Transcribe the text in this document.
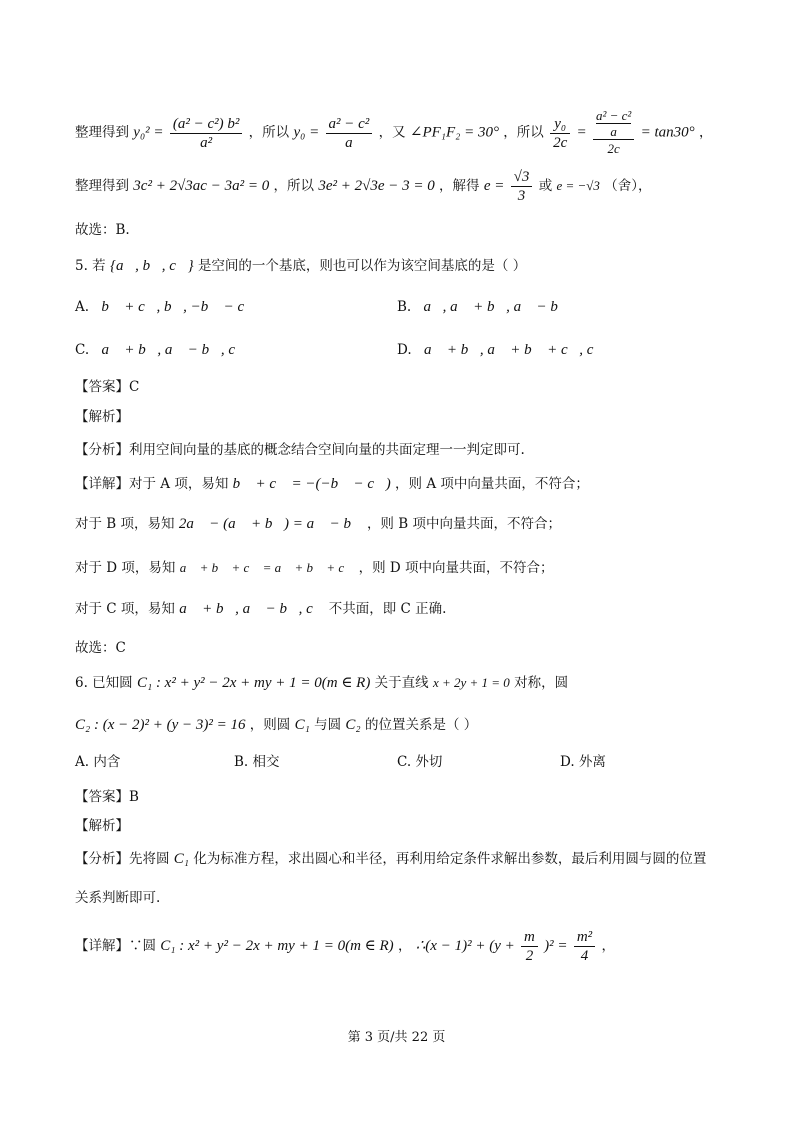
整理得到 $y_0^2 = \frac{\text{(a² − c²) b²}}{\text{a²}}$ ，所以 $y_0 = \frac{\text{a² − c²}}{a}$ ，又 ∠PF₁F₂ = 30° ，所以 $\frac{\text{y₀}}{2c} = a^2 - c^2$
a
2c = tan30° ，
整理得到 3c² + 2√3ac − 3a² = 0 ，所以 3e² + 2√3e − 3 = 0 ，解得 $e = \frac{√3}{3}$ 或 e = −√3 （舍），
故选：B.
5. 若 {a⃗, b⃗, c⃗} 是空间的一个基底，则也可以作为该空间基底的是（ ）
A. b⃗ + c⃗, b⃗, −b⃗ − c⃗	B. a⃗, a⃗ + b⃗, a⃗ − b⃗
C. a⃗ + b⃗, a⃗ − b⃗, c⃗	D. a⃗ + b⃗, a⃗ + b⃗ + c⃗, c⃗
【答案】C
【解析】
【分析】利用空间向量的基底的概念结合空间向量的共面定理一一判定即可.
【详解】对于 A 项，易知 b⃗ + c⃗ = −(−b⃗ − c⃗) ，则 A 项中向量共面，不符合；
对于 B 项，易知 2a⃗ − (a⃗ + b⃗) = a⃗ − b⃗ ，则 B 项中向量共面，不符合；
对于 D 项，易知 a⃗ + b⃗ + c⃗ = a⃗ + b⃗ + c⃗ ，则 D 项中向量共面，不符合；
对于 C 项，易知 a⃗ + b⃗, a⃗ − b⃗, c⃗ 不共面，即 C 正确.
故选：C
6. 已知圆 C₁ : x² + y² − 2x + my + 1 = 0(m ∈ R) 关于直线 x + 2y + 1 = 0 对称，圆
C₂ : (x − 2)² + (y − 3)² = 16 ，则圆 C₁ 与圆 C₂ 的位置关系是（ ）
A. 内含	B. 相交	C. 外切	D. 外离
【答案】B
【解析】
【分析】先将圆 C₁ 化为标准方程，求出圆心和半径，再利用给定条件求解出参数，最后利用圆与圆的位置
关系判断即可.
【详解】∵圆 C₁ : x² + y² − 2x + my + 1 = 0(m ∈ R) ， ∴(x − $1)^2 + (y + \frac{m}{2} )^2 = \frac{\text{m²}}{4}$ ，
第 3 页/共 22 页
